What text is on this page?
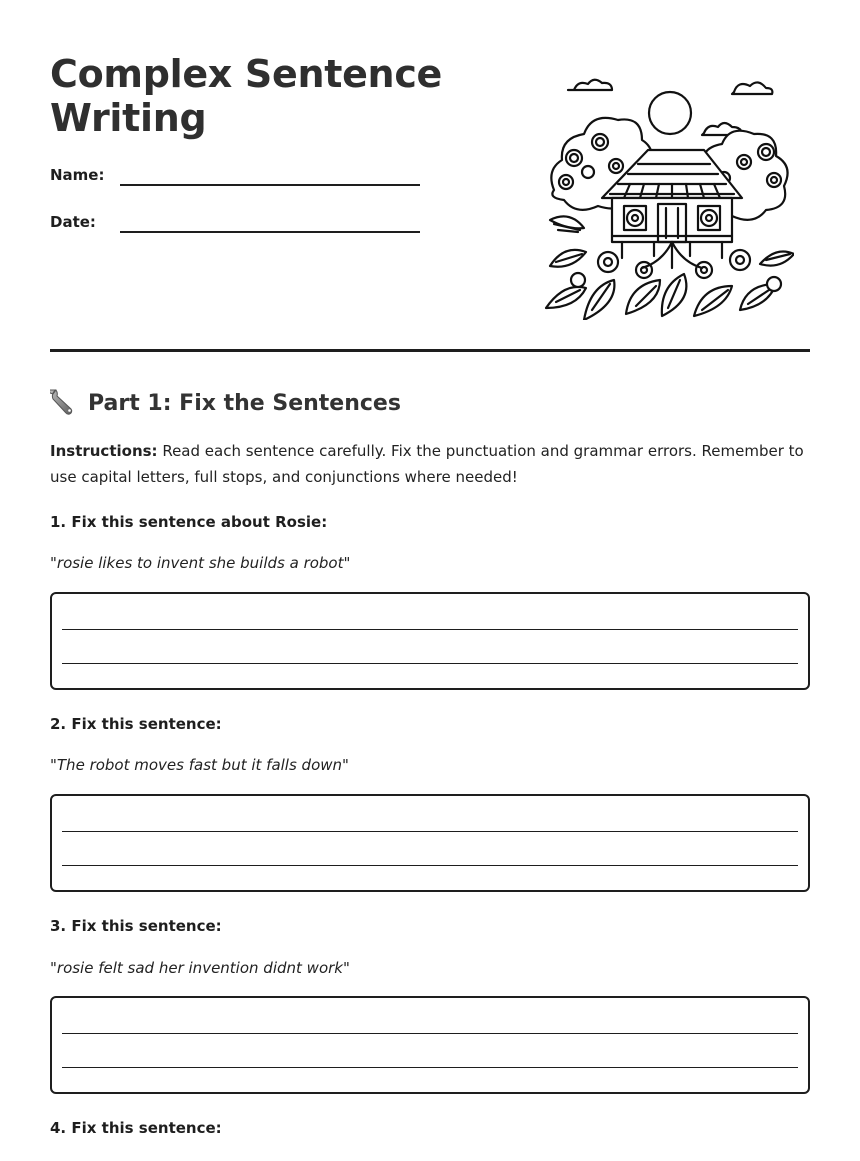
Complex Sentence Writing
Name:
Date:
Part 1: Fix the Sentences

Instructions: Read each sentence carefully. Fix the punctuation and grammar errors. Remember to use capital letters, full stops, and conjunctions where needed!

1. Fix this sentence about Rosie:

"rosie likes to invent she builds a robot"

2. Fix this sentence:

"The robot moves fast but it falls down"

3. Fix this sentence:

"rosie felt sad her invention didnt work"

4. Fix this sentence:
